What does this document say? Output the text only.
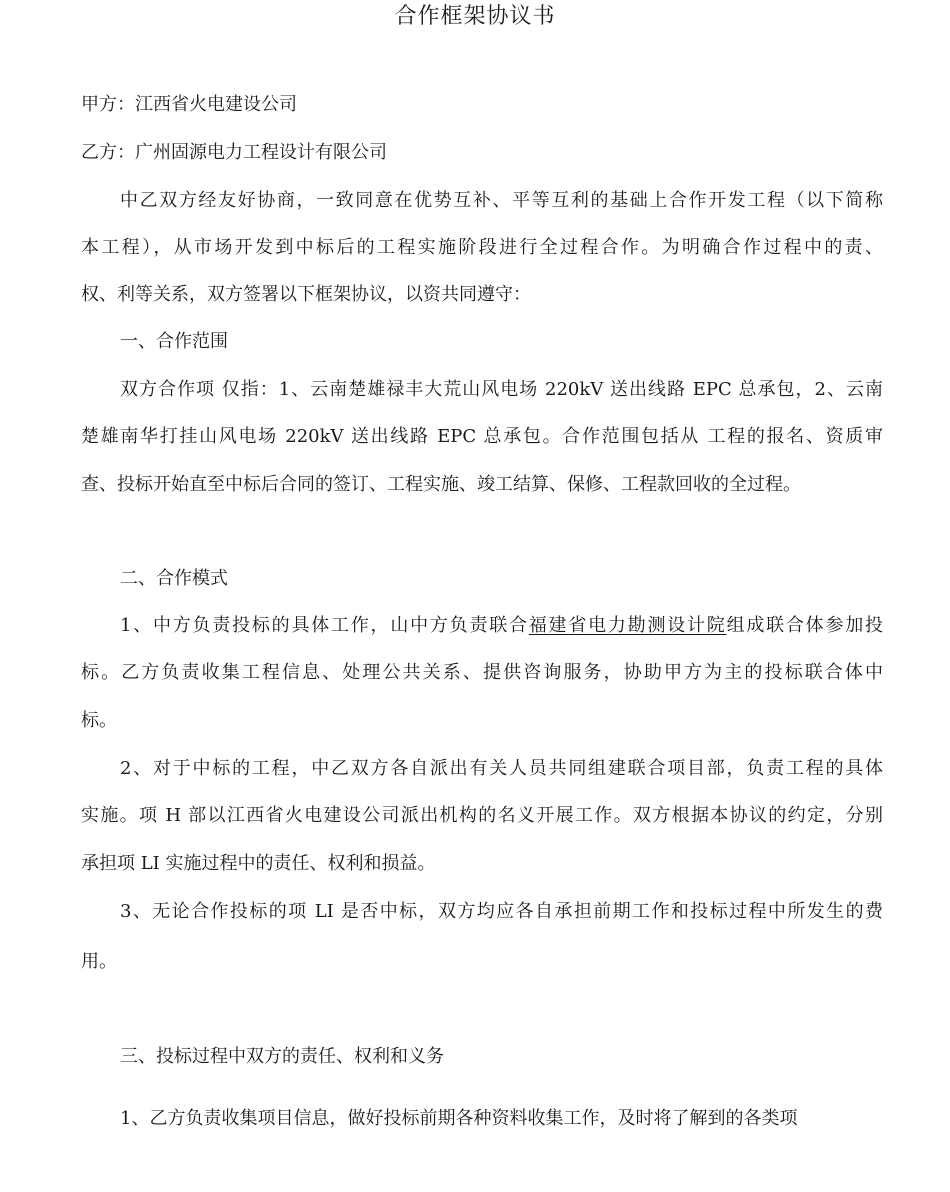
合作框架协议书
甲方：江西省火电建设公司
乙方：广州固源电力工程设计有限公司
中乙双方经友好协商，一致同意在优势互补、平等互利的基础上合作开发工程（以下简称
本工程），从市场开发到中标后的工程实施阶段进行全过程合作。为明确合作过程中的责、
权、利等关系，双方签署以下框架协议，以资共同遵守：
一、合作范围
双方合作项 仅指：1、云南楚雄禄丰大荒山风电场 220kV 送出线路 EPC 总承包，2、云南
楚雄南华打挂山风电场 220kV 送出线路 EPC 总承包。合作范围包括从 工程的报名、资质审
查、投标开始直至中标后合同的签订、工程实施、竣工结算、保修、工程款回收的全过程。
二、合作模式
1、中方负责投标的具体工作，山中方负责联合福建省电力勘测设计院组成联合体参加投
标。乙方负责收集工程信息、处理公共关系、提供咨询服务，协助甲方为主的投标联合体中
标。
2、对于中标的工程，中乙双方各自派出有关人员共同组建联合项目部，负责工程的具体
实施。项 H 部以江西省火电建设公司派出机构的名义开展工作。双方根据本协议的约定，分别
承担项 LI 实施过程中的责任、权利和损益。
3、无论合作投标的项 LI 是否中标，双方均应各自承担前期工作和投标过程中所发生的费
用。
三、投标过程中双方的责任、权利和义务
1、乙方负责收集项目信息，做好投标前期各种资料收集工作，及时将了解到的各类项
